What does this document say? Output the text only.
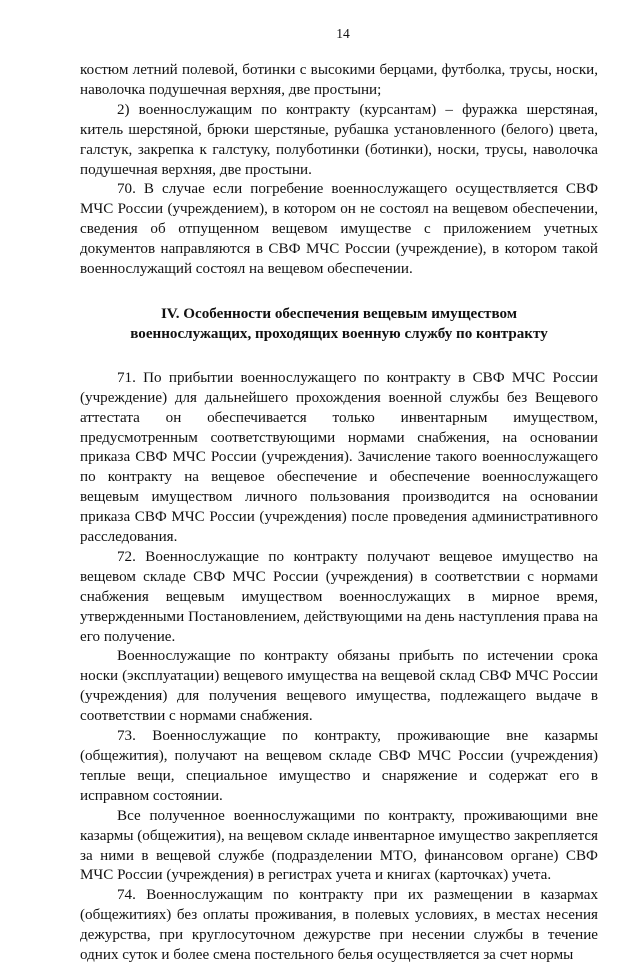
14

костюм летний полевой, ботинки с высокими берцами, футболка, трусы, носки, наволочка подушечная верхняя, две простыни;

2) военнослужащим по контракту (курсантам) – фуражка шерстяная, китель шерстяной, брюки шерстяные, рубашка установленного (белого) цвета, галстук, закрепка к галстуку, полуботинки (ботинки), носки, трусы, наволочка подушечная верхняя, две простыни.

70. В случае если погребение военнослужащего осуществляется СВФ МЧС России (учреждением), в котором он не состоял на вещевом обеспечении, сведения об отпущенном вещевом имуществе с приложением учетных документов направляются в СВФ МЧС России (учреждение), в котором такой военнослужащий состоял на вещевом обеспечении.

IV. Особенности обеспечения вещевым имуществом
военнослужащих, проходящих военную службу по контракту

71. По прибытии военнослужащего по контракту в СВФ МЧС России (учреждение) для дальнейшего прохождения военной службы без Вещевого аттестата он обеспечивается только инвентарным имуществом, предусмотренным соответствующими нормами снабжения, на основании приказа СВФ МЧС России (учреждения). Зачисление такого военнослужащего по контракту на вещевое обеспечение и обеспечение военнослужащего вещевым имуществом личного пользования производится на основании приказа СВФ МЧС России (учреждения) после проведения административного расследования.

72. Военнослужащие по контракту получают вещевое имущество на вещевом складе СВФ МЧС России (учреждения) в соответствии с нормами снабжения вещевым имуществом военнослужащих в мирное время, утвержденными Постановлением, действующими на день наступления права на его получение.

Военнослужащие по контракту обязаны прибыть по истечении срока носки (эксплуатации) вещевого имущества на вещевой склад СВФ МЧС России (учреждения) для получения вещевого имущества, подлежащего выдаче в соответствии с нормами снабжения.

73. Военнослужащие по контракту, проживающие вне казармы (общежития), получают на вещевом складе СВФ МЧС России (учреждения) теплые вещи, специальное имущество и снаряжение и содержат его в исправном состоянии.

Все полученное военнослужащими по контракту, проживающими вне казармы (общежития), на вещевом складе инвентарное имущество закрепляется за ними в вещевой службе (подразделении МТО, финансовом органе) СВФ МЧС России (учреждения) в регистрах учета и книгах (карточках) учета.

74. Военнослужащим по контракту при их размещении в казармах (общежитиях) без оплаты проживания, в полевых условиях, в местах несения дежурства, при круглосуточном дежурстве при несении службы в течение одних суток и более смена постельного белья осуществляется за счет нормы
